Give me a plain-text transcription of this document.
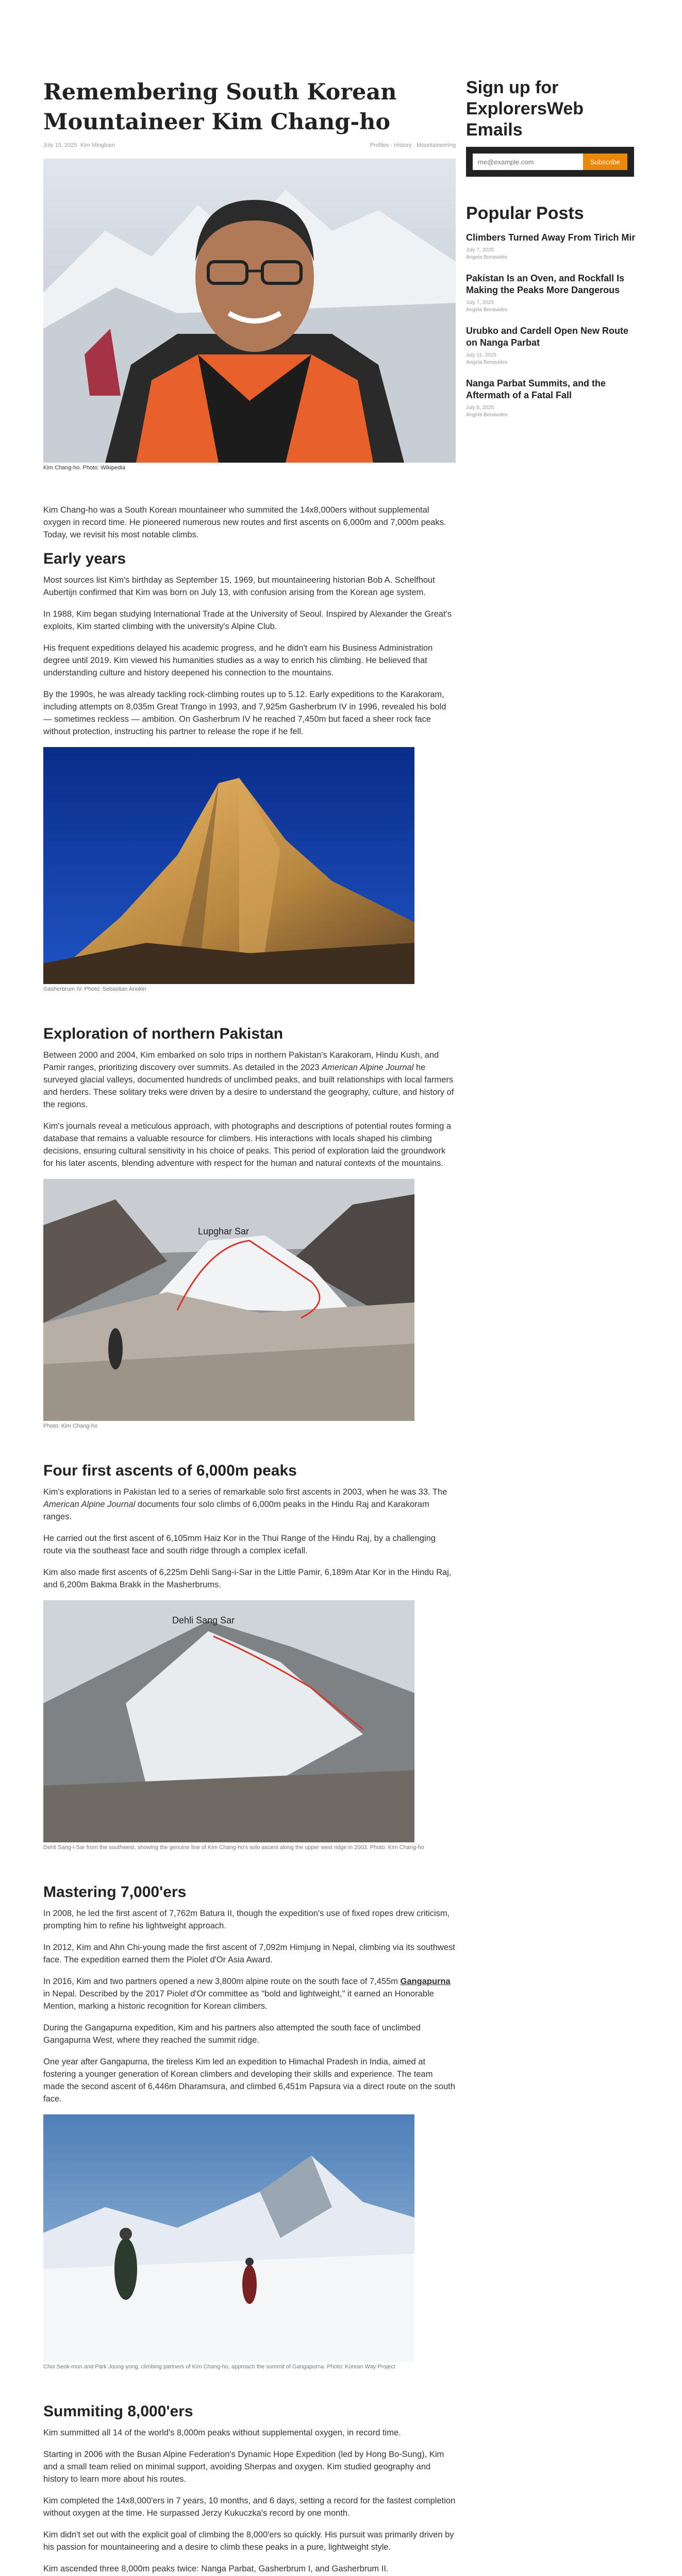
Remembering South Korean Mountaineer Kim Chang-ho
July 15, 2025 Kim Mingbam	Profiles · History · Mountaineering
Kim Chang-ho. Photo: Wikipedia

Kim Chang-ho was a South Korean mountaineer who summited the 14x8,000ers without supplemental oxygen in record time. He pioneered numerous new routes and first ascents on 6,000m and 7,000m peaks. Today, we revisit his most notable climbs.

Early years

Most sources list Kim's birthday as September 15, 1969, but mountaineering historian Bob A. Schelfhout Aubertijn confirmed that Kim was born on July 13, with confusion arising from the Korean age system.

In 1988, Kim began studying International Trade at the University of Seoul. Inspired by Alexander the Great's exploits, Kim started climbing with the university's Alpine Club.

His frequent expeditions delayed his academic progress, and he didn't earn his Business Administration degree until 2019. Kim viewed his humanities studies as a way to enrich his climbing. He believed that understanding culture and history deepened his connection to the mountains.

By the 1990s, he was already tackling rock-climbing routes up to 5.12. Early expeditions to the Karakoram, including attempts on 8,035m Great Trango in 1993, and 7,925m Gasherbrum IV in 1996, revealed his bold — sometimes reckless — ambition. On Gasherbrum IV he reached 7,450m but faced a sheer rock face without protection, instructing his partner to release the rope if he fell.

Gasherbrum IV. Photo: Sebastian Anokin
Exploration of northern Pakistan

Between 2000 and 2004, Kim embarked on solo trips in northern Pakistan's Karakoram, Hindu Kush, and Pamir ranges, prioritizing discovery over summits. As detailed in the 2023 American Alpine Journal he surveyed glacial valleys, documented hundreds of unclimbed peaks, and built relationships with local farmers and herders. These solitary treks were driven by a desire to understand the geography, culture, and history of the regions.

Kim's journals reveal a meticulous approach, with photographs and descriptions of potential routes forming a database that remains a valuable resource for climbers. His interactions with locals shaped his climbing decisions, ensuring cultural sensitivity in his choice of peaks. This period of exploration laid the groundwork for his later ascents, blending adventure with respect for the human and natural contexts of the mountains.

Lupghar Sar
Photo: Kim Chang-ho
Four first ascents of 6,000m peaks

Kim's explorations in Pakistan led to a series of remarkable solo first ascents in 2003, when he was 33. The American Alpine Journal documents four solo climbs of 6,000m peaks in the Hindu Raj and Karakoram ranges.

He carried out the first ascent of 6,105mm Haiz Kor in the Thui Range of the Hindu Raj, by a challenging route via the southeast face and south ridge through a complex icefall.

Kim also made first ascents of 6,225m Dehli Sang-i-Sar in the Little Pamir, 6,189m Atar Kor in the Hindu Raj, and 6,200m Bakma Brakk in the Masherbrums.

Dehli Sang Sar
Dehli Sang-i-Sar from the southwest, showing the genuine line of Kim Chang-ho's solo ascent along the upper west ridge in 2003. Photo: Kim Chang-ho
Mastering 7,000'ers

In 2008, he led the first ascent of 7,762m Batura II, though the expedition's use of fixed ropes drew criticism, prompting him to refine his lightweight approach.

In 2012, Kim and Ahn Chi-young made the first ascent of 7,092m Himjung in Nepal, climbing via its southwest face. The expedition earned them the Piolet d'Or Asia Award.

In 2016, Kim and two partners opened a new 3,800m alpine route on the south face of 7,455m Gangapurna in Nepal. Described by the 2017 Piolet d'Or committee as "bold and lightweight," it earned an Honorable Mention, marking a historic recognition for Korean climbers.

During the Gangapurna expedition, Kim and his partners also attempted the south face of unclimbed Gangapurna West, where they reached the summit ridge.

One year after Gangapurna, the tireless Kim led an expedition to Himachal Pradesh in India, aimed at fostering a younger generation of Korean climbers and developing their skills and experience. The team made the second ascent of 6,446m Dharamsura, and climbed 6,451m Papsura via a direct route on the south face.

Choi Seok-mun and Park Joung-yong, climbing partners of Kim Chang-ho, approach the summit of Gangapurna. Photo: Korean Way Project
Summiting 8,000'ers

Kim summitted all 14 of the world's 8,000m peaks without supplemental oxygen, in record time.

Starting in 2006 with the Busan Alpine Federation's Dynamic Hope Expedition (led by Hong Bo-Sung), Kim and a small team relied on minimal support, avoiding Sherpas and oxygen. Kim studied geography and history to learn more about his routes.

Kim completed the 14x8,000'ers in 7 years, 10 months, and 6 days, setting a record for the fastest completion without oxygen at the time. He surpassed Jerzy Kukuczka's record by one month.

Kim didn't set out with the explicit goal of climbing the 8,000'ers so quickly. His pursuit was primarily driven by his passion for mountaineering and a desire to climb these peaks in a pure, lightweight style.

Kim ascended three 8,000m peaks twice: Nanga Parbat, Gasherbrum I, and Gasherbrum II.

Sign up for ExplorersWeb Emails
me@example.com
Subscribe
Popular Posts
Climbers Turned Away From Tirich Mir
July 7, 2025
Angela Benavides
Pakistan Is an Oven, and Rockfall Is Making the Peaks More Dangerous
July 7, 2025
Angela Benavides
Urubko and Cardell Open New Route on Nanga Parbat
July 11, 2025
Angela Benavides
Nanga Parbat Summits, and the Aftermath of a Fatal Fall
July 8, 2025
Angela Benavides
